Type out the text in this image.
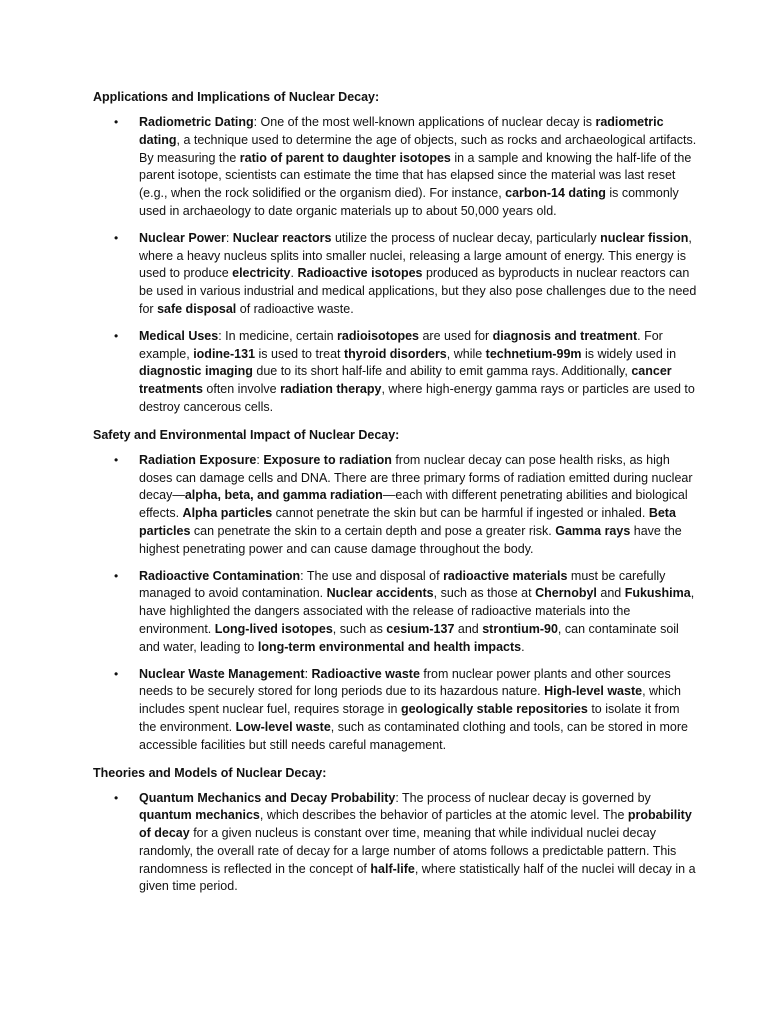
Applications and Implications of Nuclear Decay:
• Radiometric Dating: One of the most well-known applications of nuclear decay is radiometric dating, a technique used to determine the age of objects, such as rocks and archaeological artifacts. By measuring the ratio of parent to daughter isotopes in a sample and knowing the half-life of the parent isotope, scientists can estimate the time that has elapsed since the material was last reset (e.g., when the rock solidified or the organism died). For instance, carbon-14 dating is commonly used in archaeology to date organic materials up to about 50,000 years old.
• Nuclear Power: Nuclear reactors utilize the process of nuclear decay, particularly nuclear fission, where a heavy nucleus splits into smaller nuclei, releasing a large amount of energy. This energy is used to produce electricity. Radioactive isotopes produced as byproducts in nuclear reactors can be used in various industrial and medical applications, but they also pose challenges due to the need for safe disposal of radioactive waste.
• Medical Uses: In medicine, certain radioisotopes are used for diagnosis and treatment. For example, iodine-131 is used to treat thyroid disorders, while technetium-99m is widely used in diagnostic imaging due to its short half-life and ability to emit gamma rays. Additionally, cancer treatments often involve radiation therapy, where high-energy gamma rays or particles are used to destroy cancerous cells.
Safety and Environmental Impact of Nuclear Decay:
• Radiation Exposure: Exposure to radiation from nuclear decay can pose health risks, as high doses can damage cells and DNA. There are three primary forms of radiation emitted during nuclear decay—alpha, beta, and gamma radiation—each with different penetrating abilities and biological effects. Alpha particles cannot penetrate the skin but can be harmful if ingested or inhaled. Beta particles can penetrate the skin to a certain depth and pose a greater risk. Gamma rays have the highest penetrating power and can cause damage throughout the body.
• Radioactive Contamination: The use and disposal of radioactive materials must be carefully managed to avoid contamination. Nuclear accidents, such as those at Chernobyl and Fukushima, have highlighted the dangers associated with the release of radioactive materials into the environment. Long-lived isotopes, such as cesium-137 and strontium-90, can contaminate soil and water, leading to long-term environmental and health impacts.
• Nuclear Waste Management: Radioactive waste from nuclear power plants and other sources needs to be securely stored for long periods due to its hazardous nature. High-level waste, which includes spent nuclear fuel, requires storage in geologically stable repositories to isolate it from the environment. Low-level waste, such as contaminated clothing and tools, can be stored in more accessible facilities but still needs careful management.
Theories and Models of Nuclear Decay:
• Quantum Mechanics and Decay Probability: The process of nuclear decay is governed by quantum mechanics, which describes the behavior of particles at the atomic level. The probability of decay for a given nucleus is constant over time, meaning that while individual nuclei decay randomly, the overall rate of decay for a large number of atoms follows a predictable pattern. This randomness is reflected in the concept of half-life, where statistically half of the nuclei will decay in a given time period.
